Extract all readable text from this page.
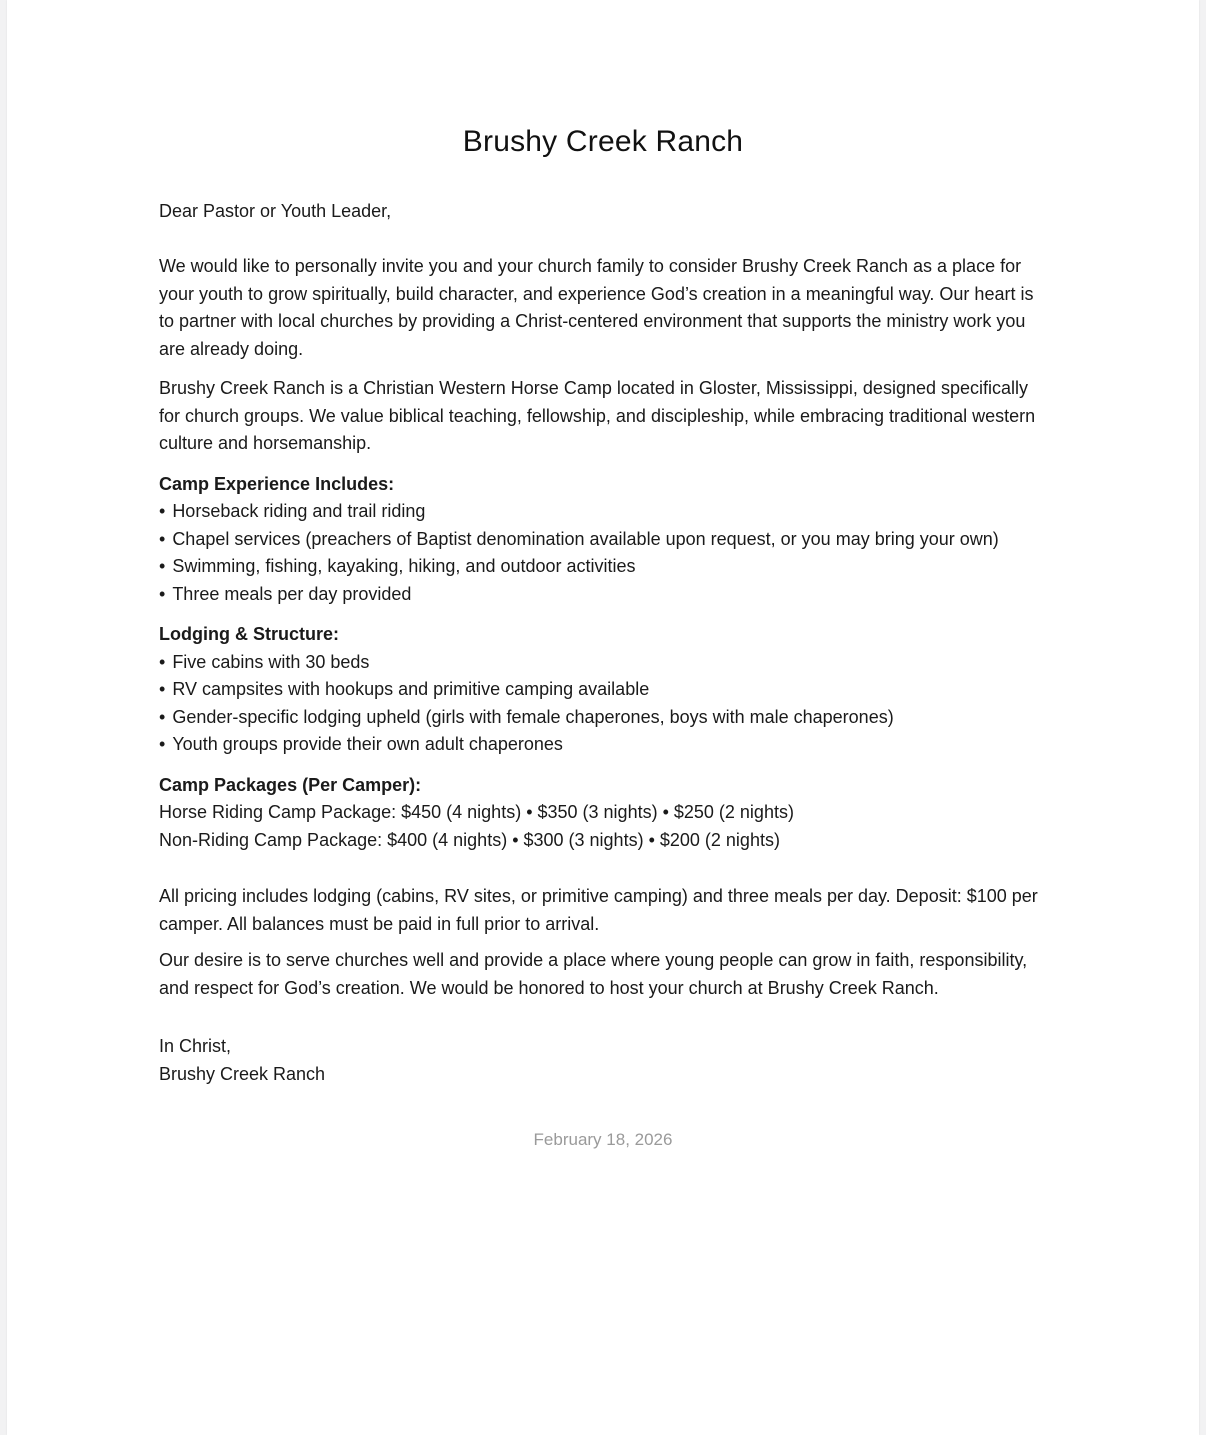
Brushy Creek Ranch

Dear Pastor or Youth Leader,

We would like to personally invite you and your church family to consider Brushy Creek Ranch as a place for your youth to grow spiritually, build character, and experience God’s creation in a meaningful way. Our heart is to partner with local churches by providing a Christ-centered environment that supports the ministry work you are already doing.

Brushy Creek Ranch is a Christian Western Horse Camp located in Gloster, Mississippi, designed specifically for church groups. We value biblical teaching, fellowship, and discipleship, while embracing traditional western culture and horsemanship.

Camp Experience Includes:

• Horseback riding and trail riding
• Chapel services (preachers of Baptist denomination available upon request, or you may bring your own)
• Swimming, fishing, kayaking, hiking, and outdoor activities
• Three meals per day provided

Lodging & Structure:

• Five cabins with 30 beds
• RV campsites with hookups and primitive camping available
• Gender-specific lodging upheld (girls with female chaperones, boys with male chaperones)
• Youth groups provide their own adult chaperones

Camp Packages (Per Camper):

Horse Riding Camp Package: $450 (4 nights) • $350 (3 nights) • $250 (2 nights)

Non-Riding Camp Package: $400 (4 nights) • $300 (3 nights) • $200 (2 nights)

All pricing includes lodging (cabins, RV sites, or primitive camping) and three meals per day. Deposit: $100 per camper. All balances must be paid in full prior to arrival.

Our desire is to serve churches well and provide a place where young people can grow in faith, responsibility, and respect for God’s creation. We would be honored to host your church at Brushy Creek Ranch.

In Christ,

Brushy Creek Ranch

February 18, 2026
